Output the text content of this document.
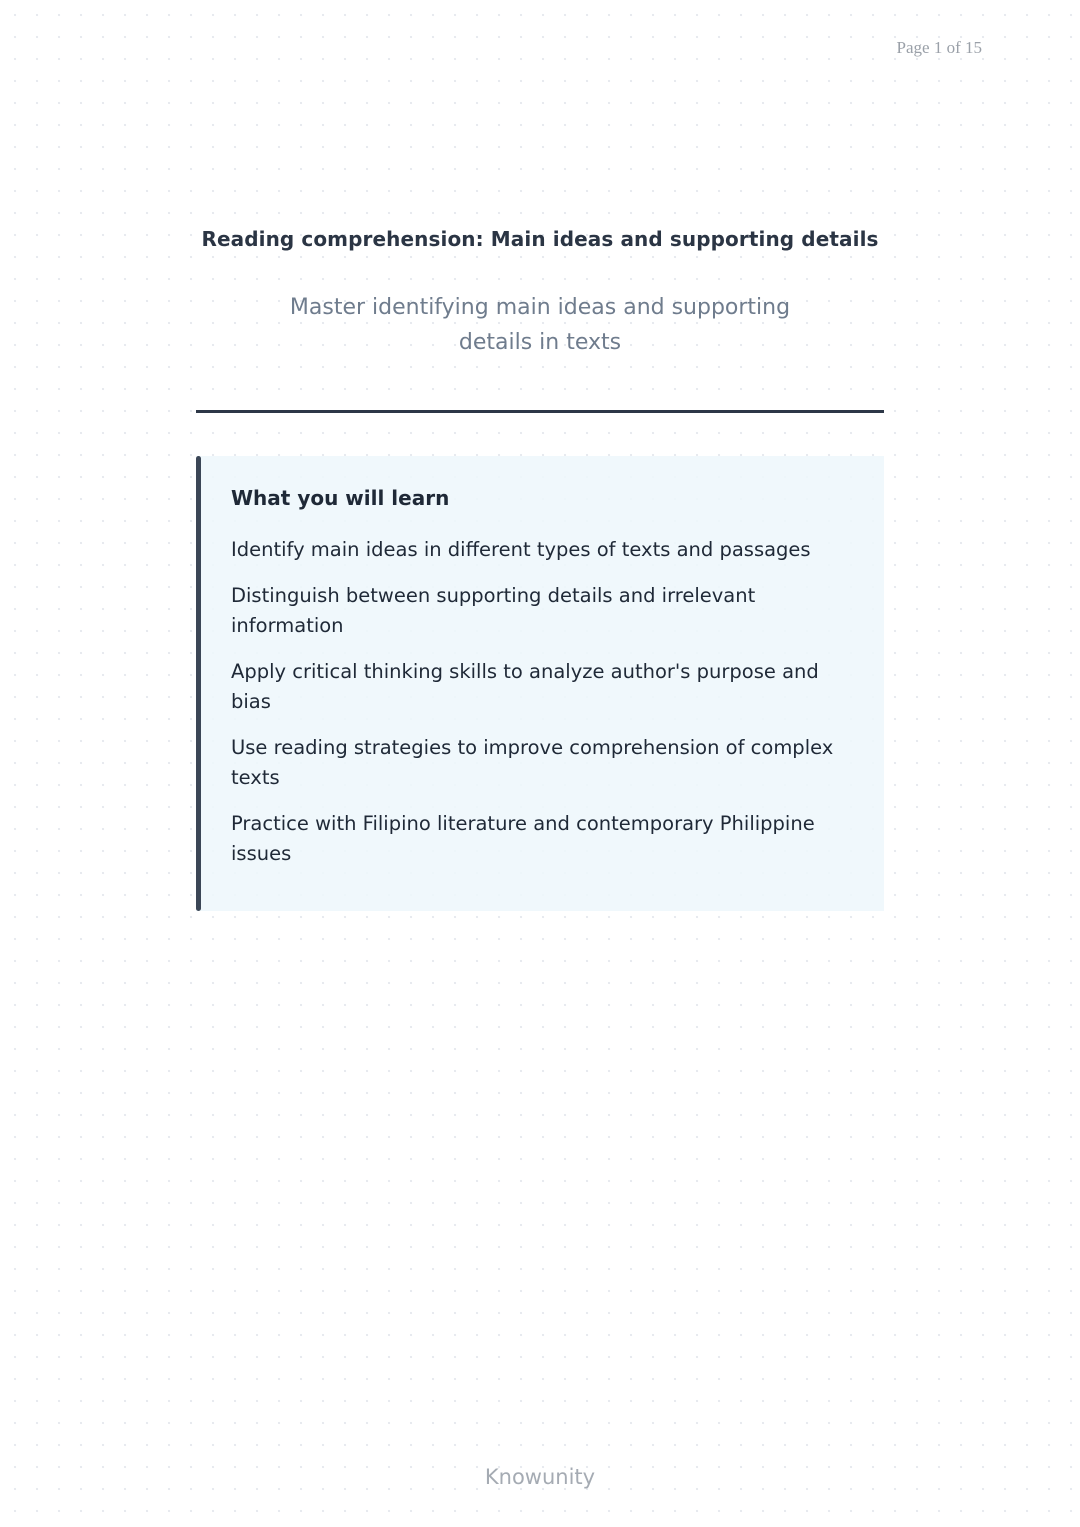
Page 1 of 15
Reading comprehension: Main ideas and supporting details
Master identifying main ideas and supporting details in texts
What you will learn
Identify main ideas in different types of texts and passages
Distinguish between supporting details and irrelevant information
Apply critical thinking skills to analyze author's purpose and bias
Use reading strategies to improve comprehension of complex texts
Practice with Filipino literature and contemporary Philippine issues
Knowunity
